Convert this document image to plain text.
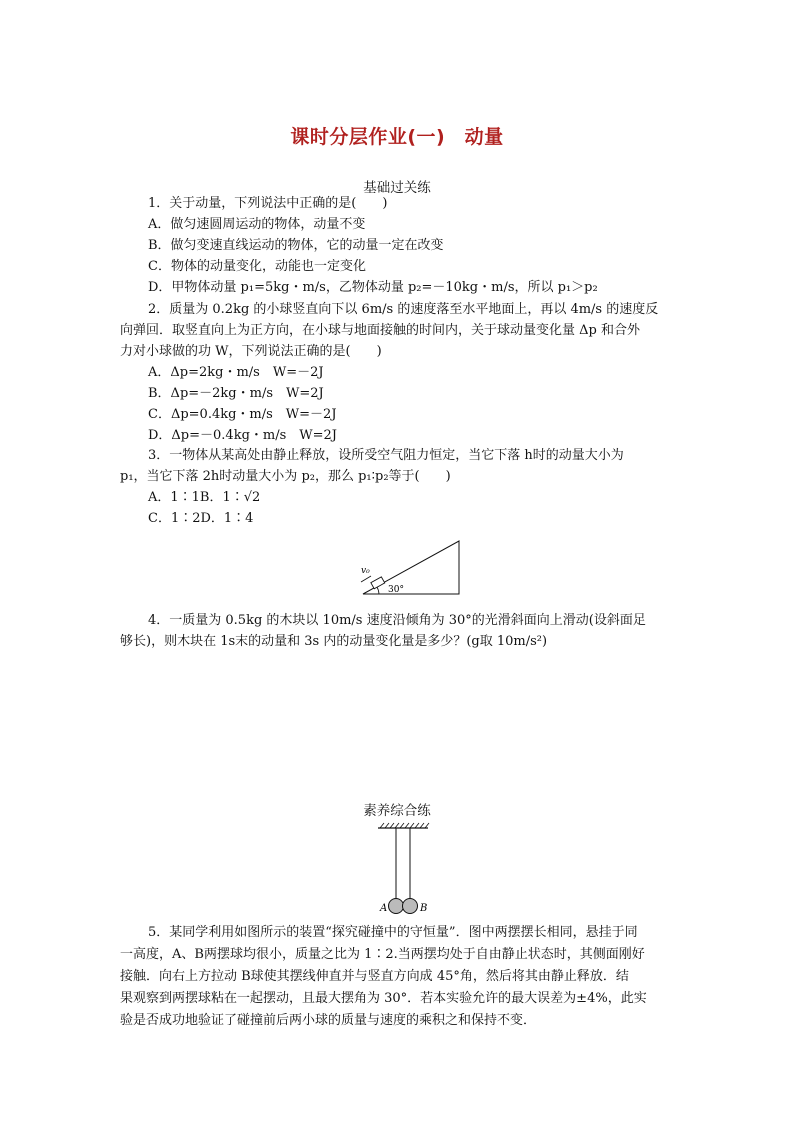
课时分层作业(一)　动量
基础过关练
1．关于动量，下列说法中正确的是(　　)
A．做匀速圆周运动的物体，动量不变
B．做匀变速直线运动的物体，它的动量一定在改变
C．物体的动量变化，动能也一定变化
D．甲物体动量 p₁=5kg・m/s，乙物体动量 p₂=－10kg・m/s，所以 p₁＞p₂
2．质量为 0.2kg 的小球竖直向下以 6m/s 的速度落至水平地面上，再以 4m/s 的速度反
向弹回．取竖直向上为正方向，在小球与地面接触的时间内，关于球动量变化量 Δp 和合外
力对小球做的功 W，下列说法正确的是(　　)
A．Δp=2kg・m/s　W=－2J
B．Δp=－2kg・m/s　W=2J
C．Δp=0.4kg・m/s　W=－2J
D．Δp=－0.4kg・m/s　W=2J
3．一物体从某高处由静止释放，设所受空气阻力恒定，当它下落 h时的动量大小为
p₁，当它下落 2h时动量大小为 p₂，那么 p₁∶p₂等于(　　)
A．1∶1B．1∶√2
C．1∶2D．1∶4
v₀
30°
4．一质量为 0.5kg 的木块以 10m/s 速度沿倾角为 30°的光滑斜面向上滑动(设斜面足
够长)，则木块在 1s末的动量和 3s 内的动量变化量是多少？(g取 10m/s²)
素养综合练
A	B
5．某同学利用如图所示的装置“探究碰撞中的守恒量”．图中两摆摆长相同，悬挂于同
一高度，A、B两摆球均很小，质量之比为 1∶2.当两摆均处于自由静止状态时，其侧面刚好
接触．向右上方拉动 B球使其摆线伸直并与竖直方向成 45°角，然后将其由静止释放．结
果观察到两摆球粘在一起摆动，且最大摆角为 30°．若本实验允许的最大误差为±4%，此实
验是否成功地验证了碰撞前后两小球的质量与速度的乘积之和保持不变．
